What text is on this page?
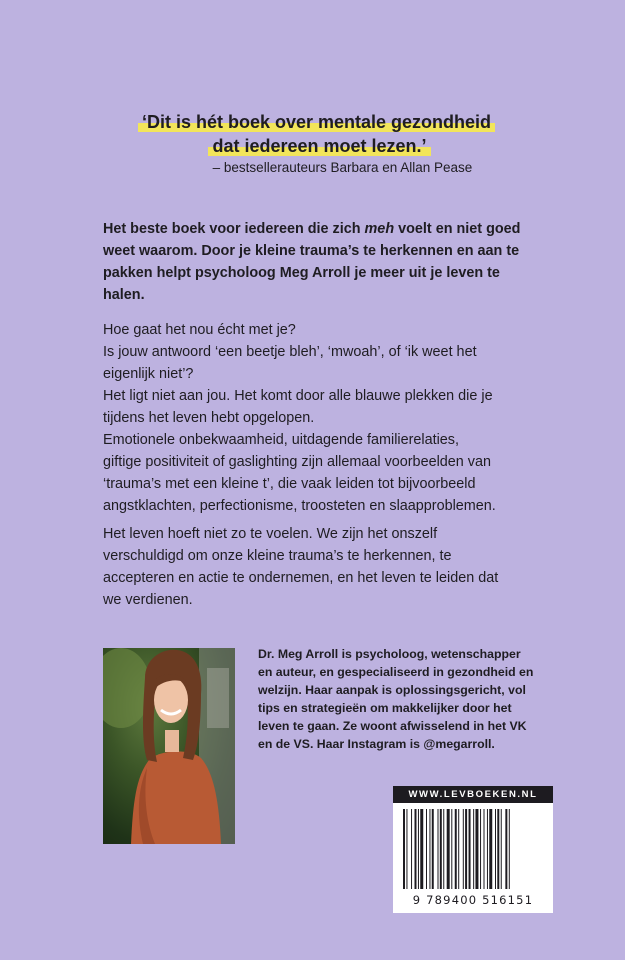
‘Dit is hét boek over mentale gezondheid
dat iedereen moet lezen.’
– bestsellerauteurs Barbara en Allan Pease

Het beste boek voor iedereen die zich meh voelt en niet goed weet waarom. Door je kleine trauma’s te herkennen en aan te pakken helpt psycholoog Meg Arroll je meer uit je leven te halen.

Hoe gaat het nou écht met je?
Is jouw antwoord ‘een beetje bleh’, ‘mwoah’, of ‘ik weet het
eigenlijk niet’?
Het ligt niet aan jou. Het komt door alle blauwe plekken die je
tijdens het leven hebt opgelopen.
Emotionele onbekwaamheid, uitdagende familierelaties,
giftige positiviteit of gaslighting zijn allemaal voorbeelden van
‘trauma’s met een kleine t’, die vaak leiden tot bijvoorbeeld
angstklachten, perfectionisme, troosteten en slaapproblemen.

Het leven hoeft niet zo te voelen. We zijn het onszelf
verschuldigd om onze kleine trauma’s te herkennen, te
accepteren en actie te ondernemen, en het leven te leiden dat
we verdienen.

Dr. Meg Arroll is psycholoog, wetenschapper
en auteur, en gespecialiseerd in gezondheid en
welzijn. Haar aanpak is oplossingsgericht, vol
tips en strategieën om makkelijker door het
leven te gaan. Ze woont afwisselend in het VK
en de VS. Haar Instagram is @megarroll.

WWW.LEVBOEKEN.NL
9 789400 516151
